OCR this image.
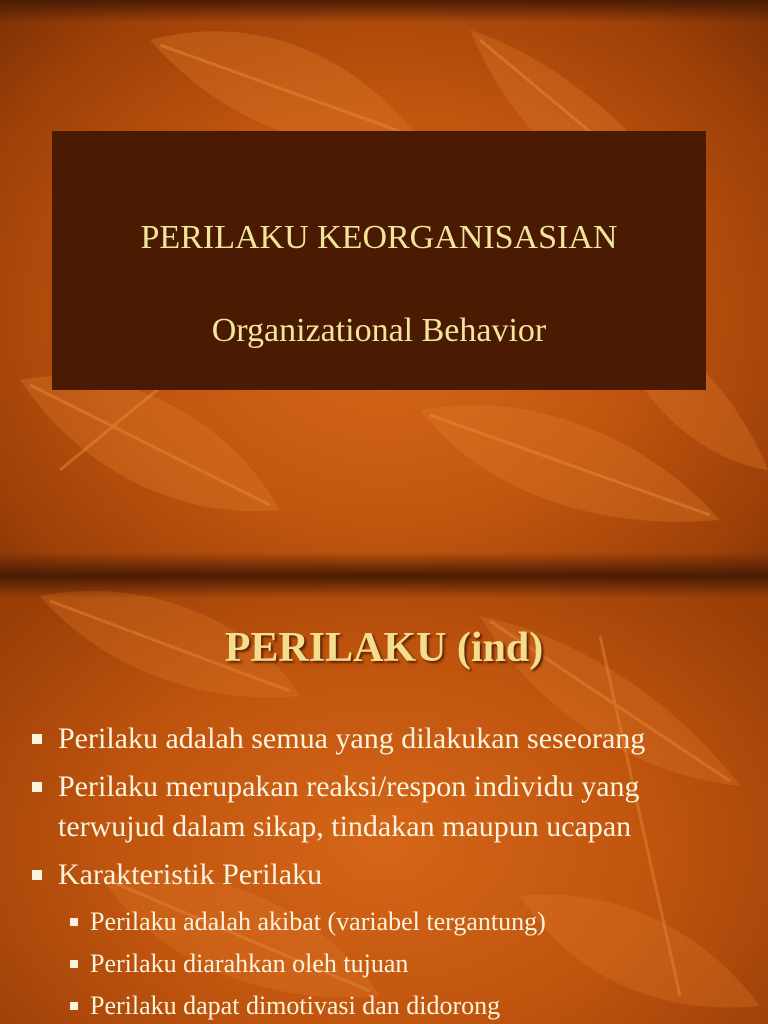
PERILAKU KEORGANISASIAN
Organizational Behavior
PERILAKU (ind)
Perilaku adalah semua yang dilakukan seseorang
Perilaku merupakan reaksi/respon individu yang terwujud dalam sikap, tindakan maupun ucapan
Karakteristik Perilaku
Perilaku adalah akibat (variabel tergantung)
Perilaku diarahkan oleh tujuan
Perilaku dapat dimotivasi dan didorong
